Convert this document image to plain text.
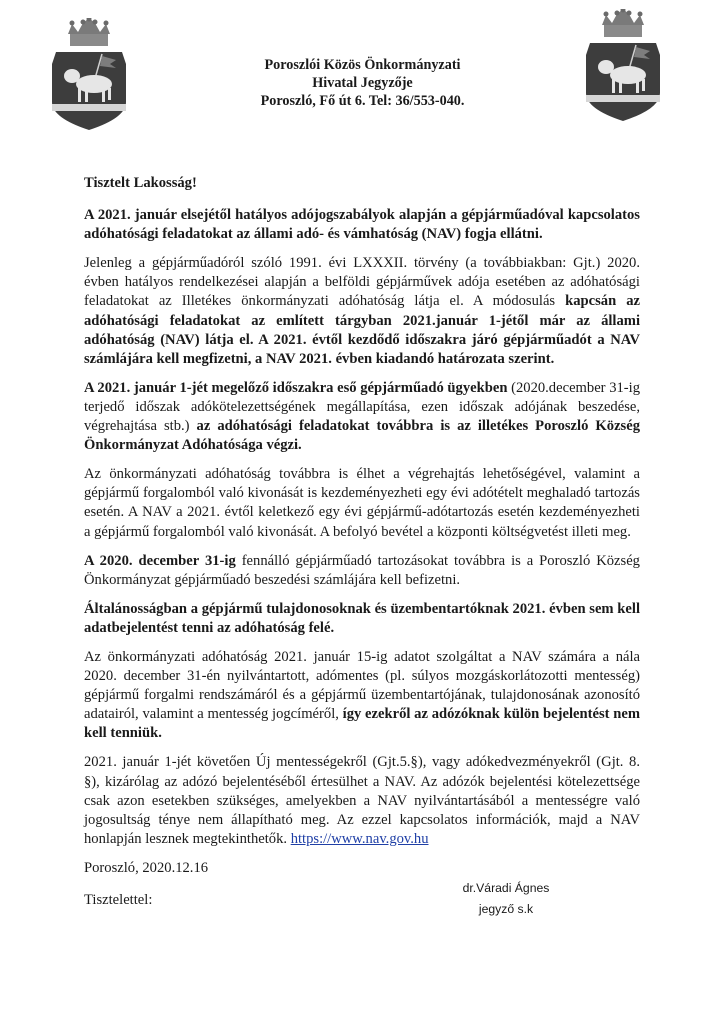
Poroszlói Közös Önkormányzati
Hivatal Jegyzője
Poroszló, Fő út 6. Tel: 36/553-040.

Tisztelt Lakosság!

A 2021. január elsejétől hatályos adójogszabályok alapján a gépjárműadóval kapcsolatos adóhatósági feladatokat az állami adó- és vámhatóság (NAV) fogja ellátni.

Jelenleg a gépjárműadóról szóló 1991. évi LXXXII. törvény (a továbbiakban: Gjt.) 2020. évben hatályos rendelkezései alapján a belföldi gépjárművek adója esetében az adóhatósági feladatokat az Illetékes önkormányzati adóhatóság látja el. A módosulás kapcsán az adóhatósági feladatokat az említett tárgyban 2021.január 1-jétől már az állami adóhatóság (NAV) látja el. A 2021. évtől kezdődő időszakra járó gépjárműadót a NAV számlájára kell megfizetni, a NAV 2021. évben kiadandó határozata szerint.

A 2021. január 1-jét megelőző időszakra eső gépjárműadó ügyekben (2020.december 31-ig terjedő időszak adókötelezettségének megállapítása, ezen időszak adójának beszedése, végrehajtása stb.) az adóhatósági feladatokat továbbra is az illetékes Poroszló Község Önkormányzat Adóhatósága végzi.

Az önkormányzati adóhatóság továbbra is élhet a végrehajtás lehetőségével, valamint a gépjármű forgalomból való kivonását is kezdeményezheti egy évi adótételt meghaladó tartozás esetén. A NAV a 2021. évtől keletkező egy évi gépjármű-adótartozás esetén kezdeményezheti a gépjármű forgalomból való kivonását. A befolyó bevétel a központi költségvetést illeti meg.

A 2020. december 31-ig fennálló gépjárműadó tartozásokat továbbra is a Poroszló Község Önkormányzat gépjárműadó beszedési számlájára kell befizetni.

Általánosságban a gépjármű tulajdonosoknak és üzembentartóknak 2021. évben sem kell adatbejelentést tenni az adóhatóság felé.

Az önkormányzati adóhatóság 2021. január 15-ig adatot szolgáltat a NAV számára a nála 2020. december 31-én nyilvántartott, adómentes (pl. súlyos mozgáskorlátozotti mentesség) gépjármű forgalmi rendszámáról és a gépjármű üzembentartójának, tulajdonosának azonosító adatairól, valamint a mentesség jogcíméről, így ezekről az adózóknak külön bejelentést nem kell tenniük.

2021. január 1-jét követően Új mentességekről (Gjt.5.§), vagy adókedvezményekről (Gjt. 8. §), kizárólag az adózó bejelentéséből értesülhet a NAV. Az adózók bejelentési kötelezettsége csak azon esetekben szükséges, amelyekben a NAV nyilvántartásából a mentességre való jogosultság ténye nem állapítható meg. Az ezzel kapcsolatos információk, majd a NAV honlapján lesznek megtekinthetők. https://www.nav.gov.hu

Poroszló, 2020.12.16

Tisztelettel:

dr.Váradi Ágnes
jegyző s.k
